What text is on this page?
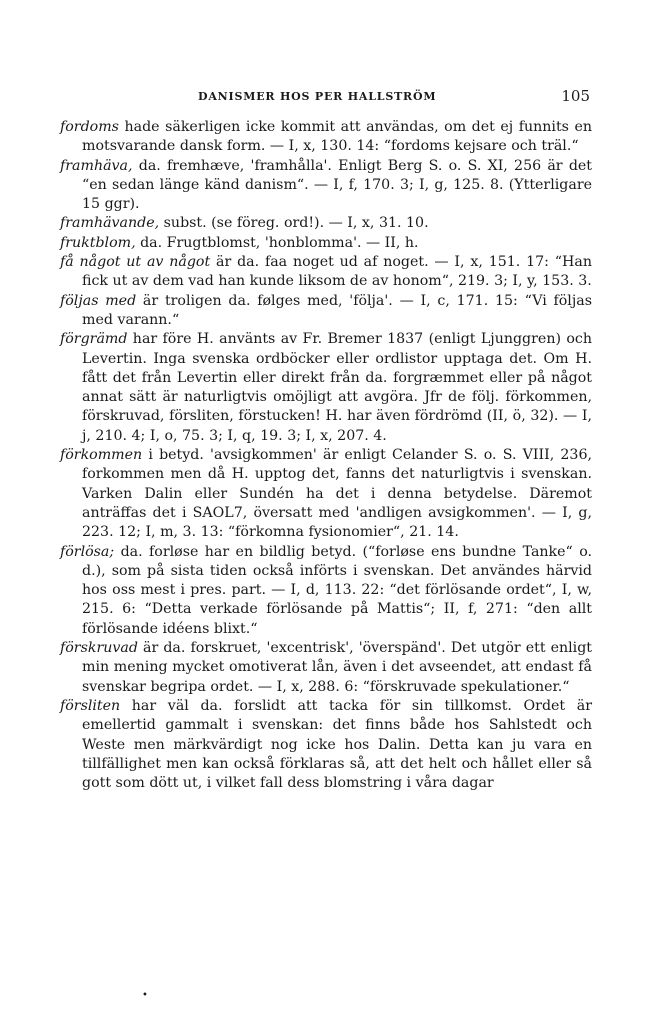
DANISMER HOS PER HALLSTRÖM	105

fordoms hade säkerligen icke kommit att användas, om det ej funnits en motsvarande dansk form. — I, x, 130. 14: “fordoms kejsare och träl.“

framhäva, da. fremhæve, 'framhålla'. Enligt Berg S. o. S. XI, 256 är det “en sedan länge känd danism“. — I, f, 170. 3; I, g, 125. 8. (Ytterligare 15 ggr).

framhävande, subst. (se föreg. ord!). — I, x, 31. 10.

fruktblom, da. Frugtblomst, 'honblomma'. — II, h.

få något ut av något är da. faa noget ud af noget. — I, x, 151. 17: “Han fick ut av dem vad han kunde liksom de av honom“, 219. 3; I, y, 153. 3.

följas med är troligen da. følges med, 'följa'. — I, c, 171. 15: “Vi följas med varann.“

förgrämd har före H. använts av Fr. Bremer 1837 (enligt Ljunggren) och Levertin. Inga svenska ordböcker eller ordlistor upptaga det. Om H. fått det från Levertin eller direkt från da. forgræmmet eller på något annat sätt är naturligtvis omöjligt att avgöra. Jfr de följ. förkommen, förskruvad, försliten, förstucken! H. har även fördrömd (II, ö, 32). — I, j, 210. 4; I, o, 75. 3; I, q, 19. 3; I, x, 207. 4.

förkommen i betyd. 'avsigkommen' är enligt Celander S. o. S. VIII, 236, forkommen men då H. upptog det, fanns det naturligtvis i svenskan. Varken Dalin eller Sundén ha det i denna betydelse. Däremot anträffas det i SAOL7, översatt med 'andligen avsigkommen'. — I, g, 223. 12; I, m, 3. 13: “förkomna fysionomier“, 21. 14.

förlösa; da. forløse har en bildlig betyd. (“forløse ens bundne Tanke“ o. d.), som på sista tiden också införts i svenskan. Det användes härvid hos oss mest i pres. part. — I, d, 113. 22: “det förlösande ordet“, I, w, 215. 6: “Detta verkade förlösande på Mattis“; II, f, 271: “den allt förlösande idéens blixt.“

förskruvad är da. forskruet, 'excentrisk', 'överspänd'. Det utgör ett enligt min mening mycket omotiverat lån, även i det avseendet, att endast få svenskar begripa ordet. — I, x, 288. 6: “förskruvade spekulationer.“

försliten har väl da. forslidt att tacka för sin tillkomst. Ordet är emellertid gammalt i svenskan: det finns både hos Sahlstedt och Weste men märkvärdigt nog icke hos Dalin. Detta kan ju vara en tillfällighet men kan också förklaras så, att det helt och hållet eller så gott som dött ut, i vilket fall dess blomstring i våra dagar

•
